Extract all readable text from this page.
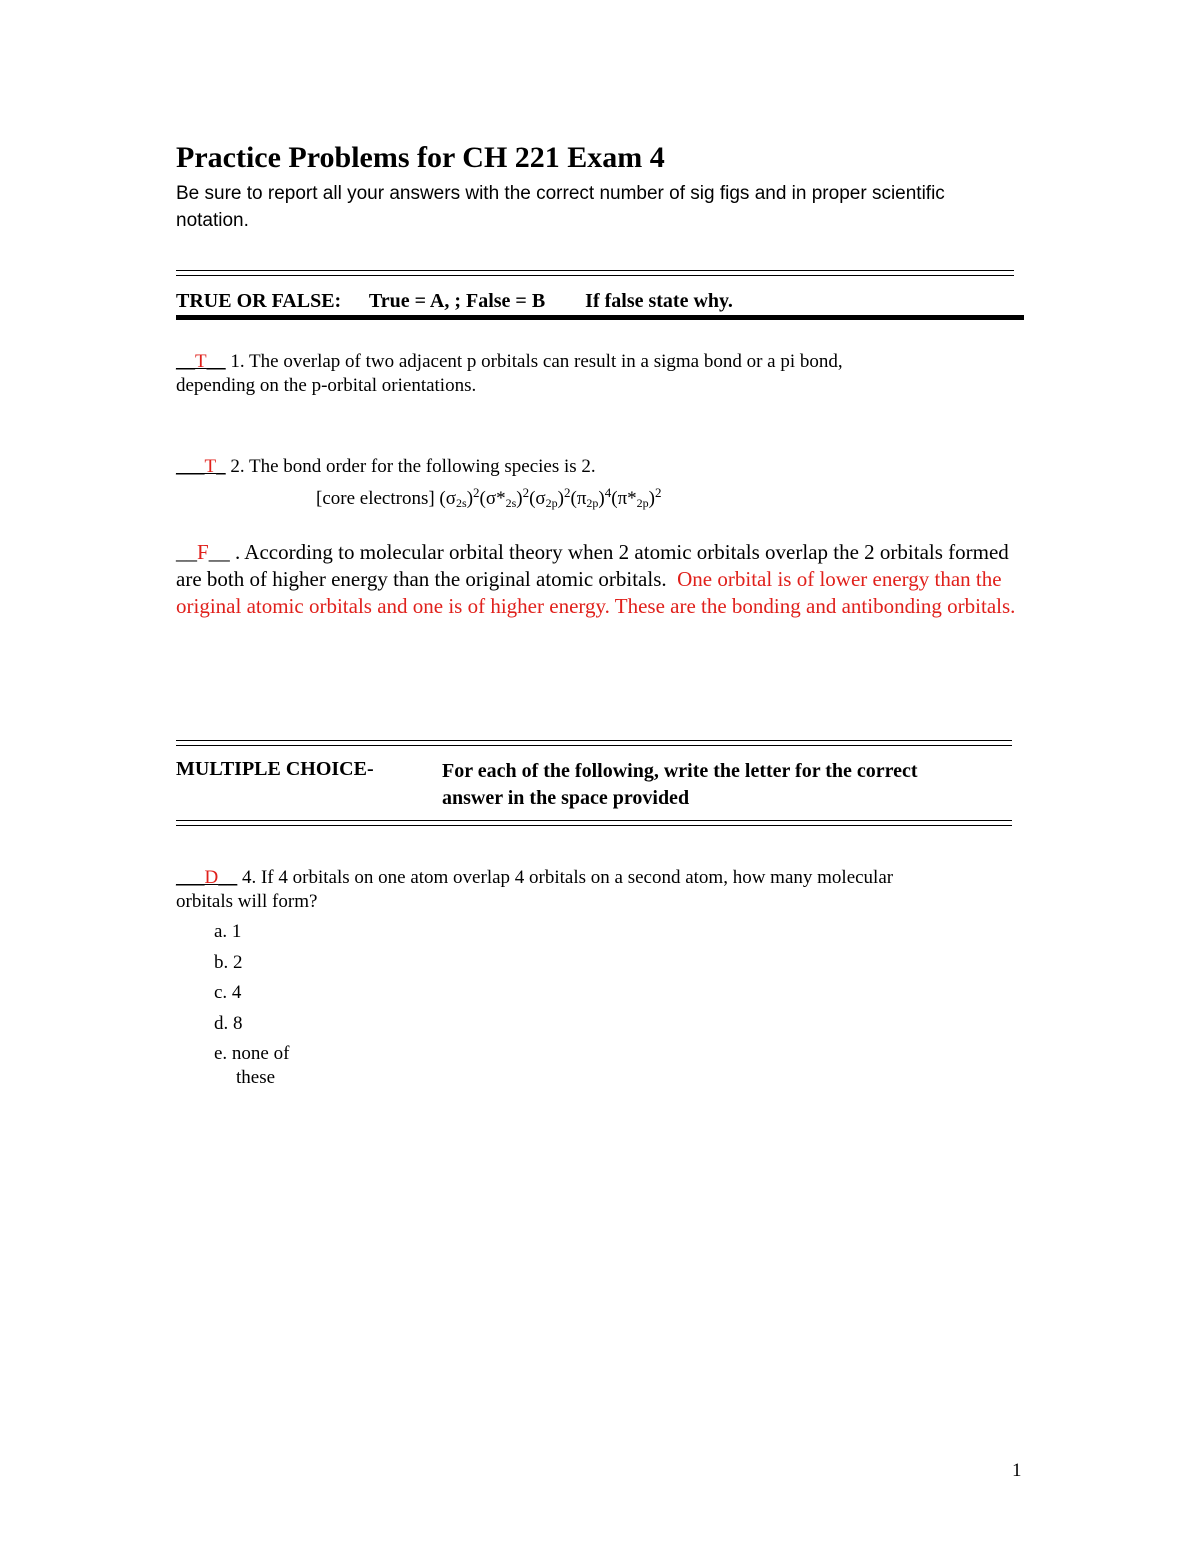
Practice Problems for CH 221 Exam 4
Be sure to report all your answers with the correct number of sig figs and in proper scientific notation.
TRUE OR FALSE: True = A, ; False = B If false state why.
__T__ 1. The overlap of two adjacent p orbitals can result in a sigma bond or a pi bond,
depending on the p-orbital orientations.
___T_ 2. The bond order for the following species is 2.
[core electrons] $(\sigma_{2s})^2(\sigma*_{2s})^2(\sigma_{2p})^2(\pi_{2p})^4(\pi*_{2p})^2$
__F__ . According to molecular orbital theory when 2 atomic orbitals overlap the 2 orbitals formed are both of higher energy than the original atomic orbitals. One orbital is of lower energy than the original atomic orbitals and one is of higher energy. These are the bonding and antibonding orbitals.
MULTIPLE CHOICE-	For each of the following, write the letter for the correct
answer in the space provided
___D__ 4. If 4 orbitals on one atom overlap 4 orbitals on a second atom, how many molecular
orbitals will form?
a. 1
b. 2
c. 4
d. 8
e. none of
these
1
